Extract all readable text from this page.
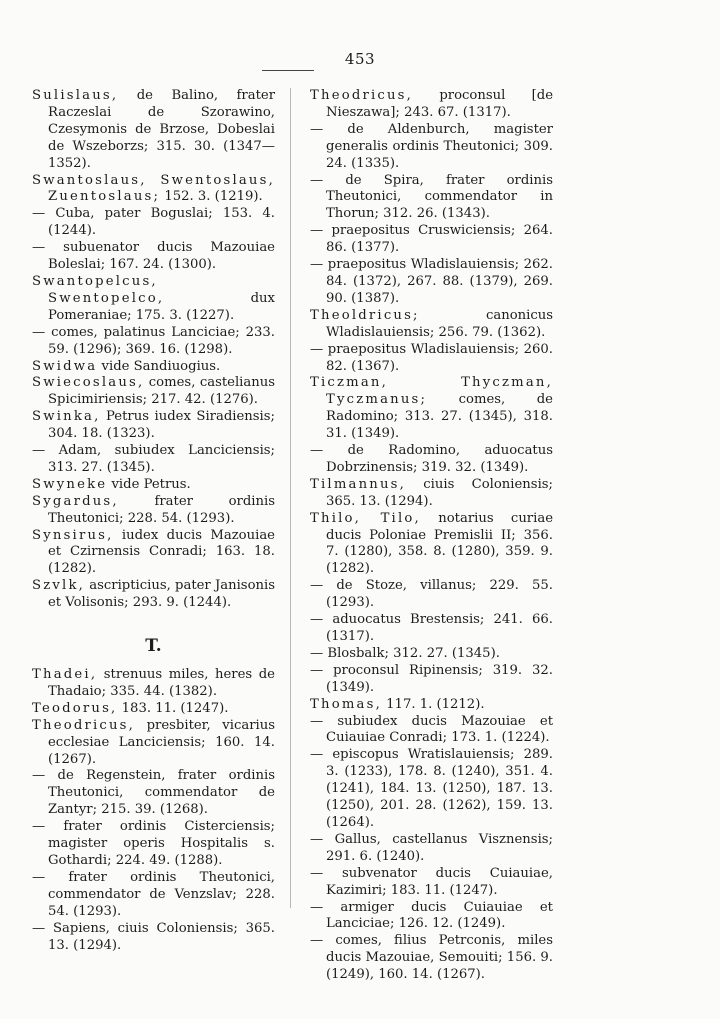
453
Sulislaus, de Balino, frater Raczeslai de Szorawino, Czesymonis de Brzose, Dobeslai de Wszeborzs; 315. 30. (1347—1352).
Swantoslaus, Swentoslaus, Zuentoslaus; 152. 3. (1219).
— Cuba, pater Boguslai; 153. 4. (1244).
— subuenator ducis Mazouiae Boleslai; 167. 24. (1300).
Swantopelcus, Swentopelco, dux Pomeraniae; 175. 3. (1227).
— comes, palatinus Lanciciae; 233. 59. (1296); 369. 16. (1298).
Swidwa vide Sandiuogius.
Swiecoslaus, comes, castelianus Spicimiriensis; 217. 42. (1276).
Swinka, Petrus iudex Siradiensis; 304. 18. (1323).
— Adam, subiudex Lanciciensis; 313. 27. (1345).
Swyneke vide Petrus.
Sygardus, frater ordinis Theutonici; 228. 54. (1293).
Synsirus, iudex ducis Mazouiae et Czirnensis Conradi; 163. 18. (1282).
Szvlk, ascripticius, pater Janisonis et Volisonis; 293. 9. (1244).
T.
Thadei, strenuus miles, heres de Thadaio; 335. 44. (1382).
Teodorus, 183. 11. (1247).
Theodricus, presbiter, vicarius ecclesiae Lanciciensis; 160. 14. (1267).
— de Regenstein, frater ordinis Theutonici, commendator de Zantyr; 215. 39. (1268).
— frater ordinis Cisterciensis; magister operis Hospitalis s. Gothardi; 224. 49. (1288).
— frater ordinis Theutonici, commendator de Venzslav; 228. 54. (1293).
— Sapiens, ciuis Coloniensis; 365. 13. (1294).
Theodricus, proconsul [de Nieszawa]; 243. 67. (1317).
— de Aldenburch, magister generalis ordinis Theutonici; 309. 24. (1335).
— de Spira, frater ordinis Theutonici, commendator in Thorun; 312. 26. (1343).
— praepositus Cruswiciensis; 264. 86. (1377).
— praepositus Wladislauiensis; 262. 84. (1372), 267. 88. (1379), 269. 90. (1387).
Theoldricus; canonicus Wladislauiensis; 256. 79. (1362).
— praepositus Wladislauiensis; 260. 82. (1367).
Ticzman, Thyczman, Tyczmanus; comes, de Radomino; 313. 27. (1345), 318. 31. (1349).
— de Radomino, aduocatus Dobrzinensis; 319. 32. (1349).
Tilmannus, ciuis Coloniensis; 365. 13. (1294).
Thilo, Tilo, notarius curiae ducis Poloniae Premislii II; 356. 7. (1280), 358. 8. (1280), 359. 9. (1282).
— de Stoze, villanus; 229. 55. (1293).
— aduocatus Brestensis; 241. 66. (1317).
— Blosbalk; 312. 27. (1345).
— proconsul Ripinensis; 319. 32. (1349).
Thomas, 117. 1. (1212).
— subiudex ducis Mazouiae et Cuiauiae Conradi; 173. 1. (1224).
— episcopus Wratislauiensis; 289. 3. (1233), 178. 8. (1240), 351. 4. (1241), 184. 13. (1250), 187. 13. (1250), 201. 28. (1262), 159. 13. (1264).
— Gallus, castellanus Visznensis; 291. 6. (1240).
— subvenator ducis Cuiauiae, Kazimiri; 183. 11. (1247).
— armiger ducis Cuiauiae et Lanciciae; 126. 12. (1249).
— comes, filius Petrconis, miles ducis Mazouiae, Semouiti; 156. 9. (1249), 160. 14. (1267).
